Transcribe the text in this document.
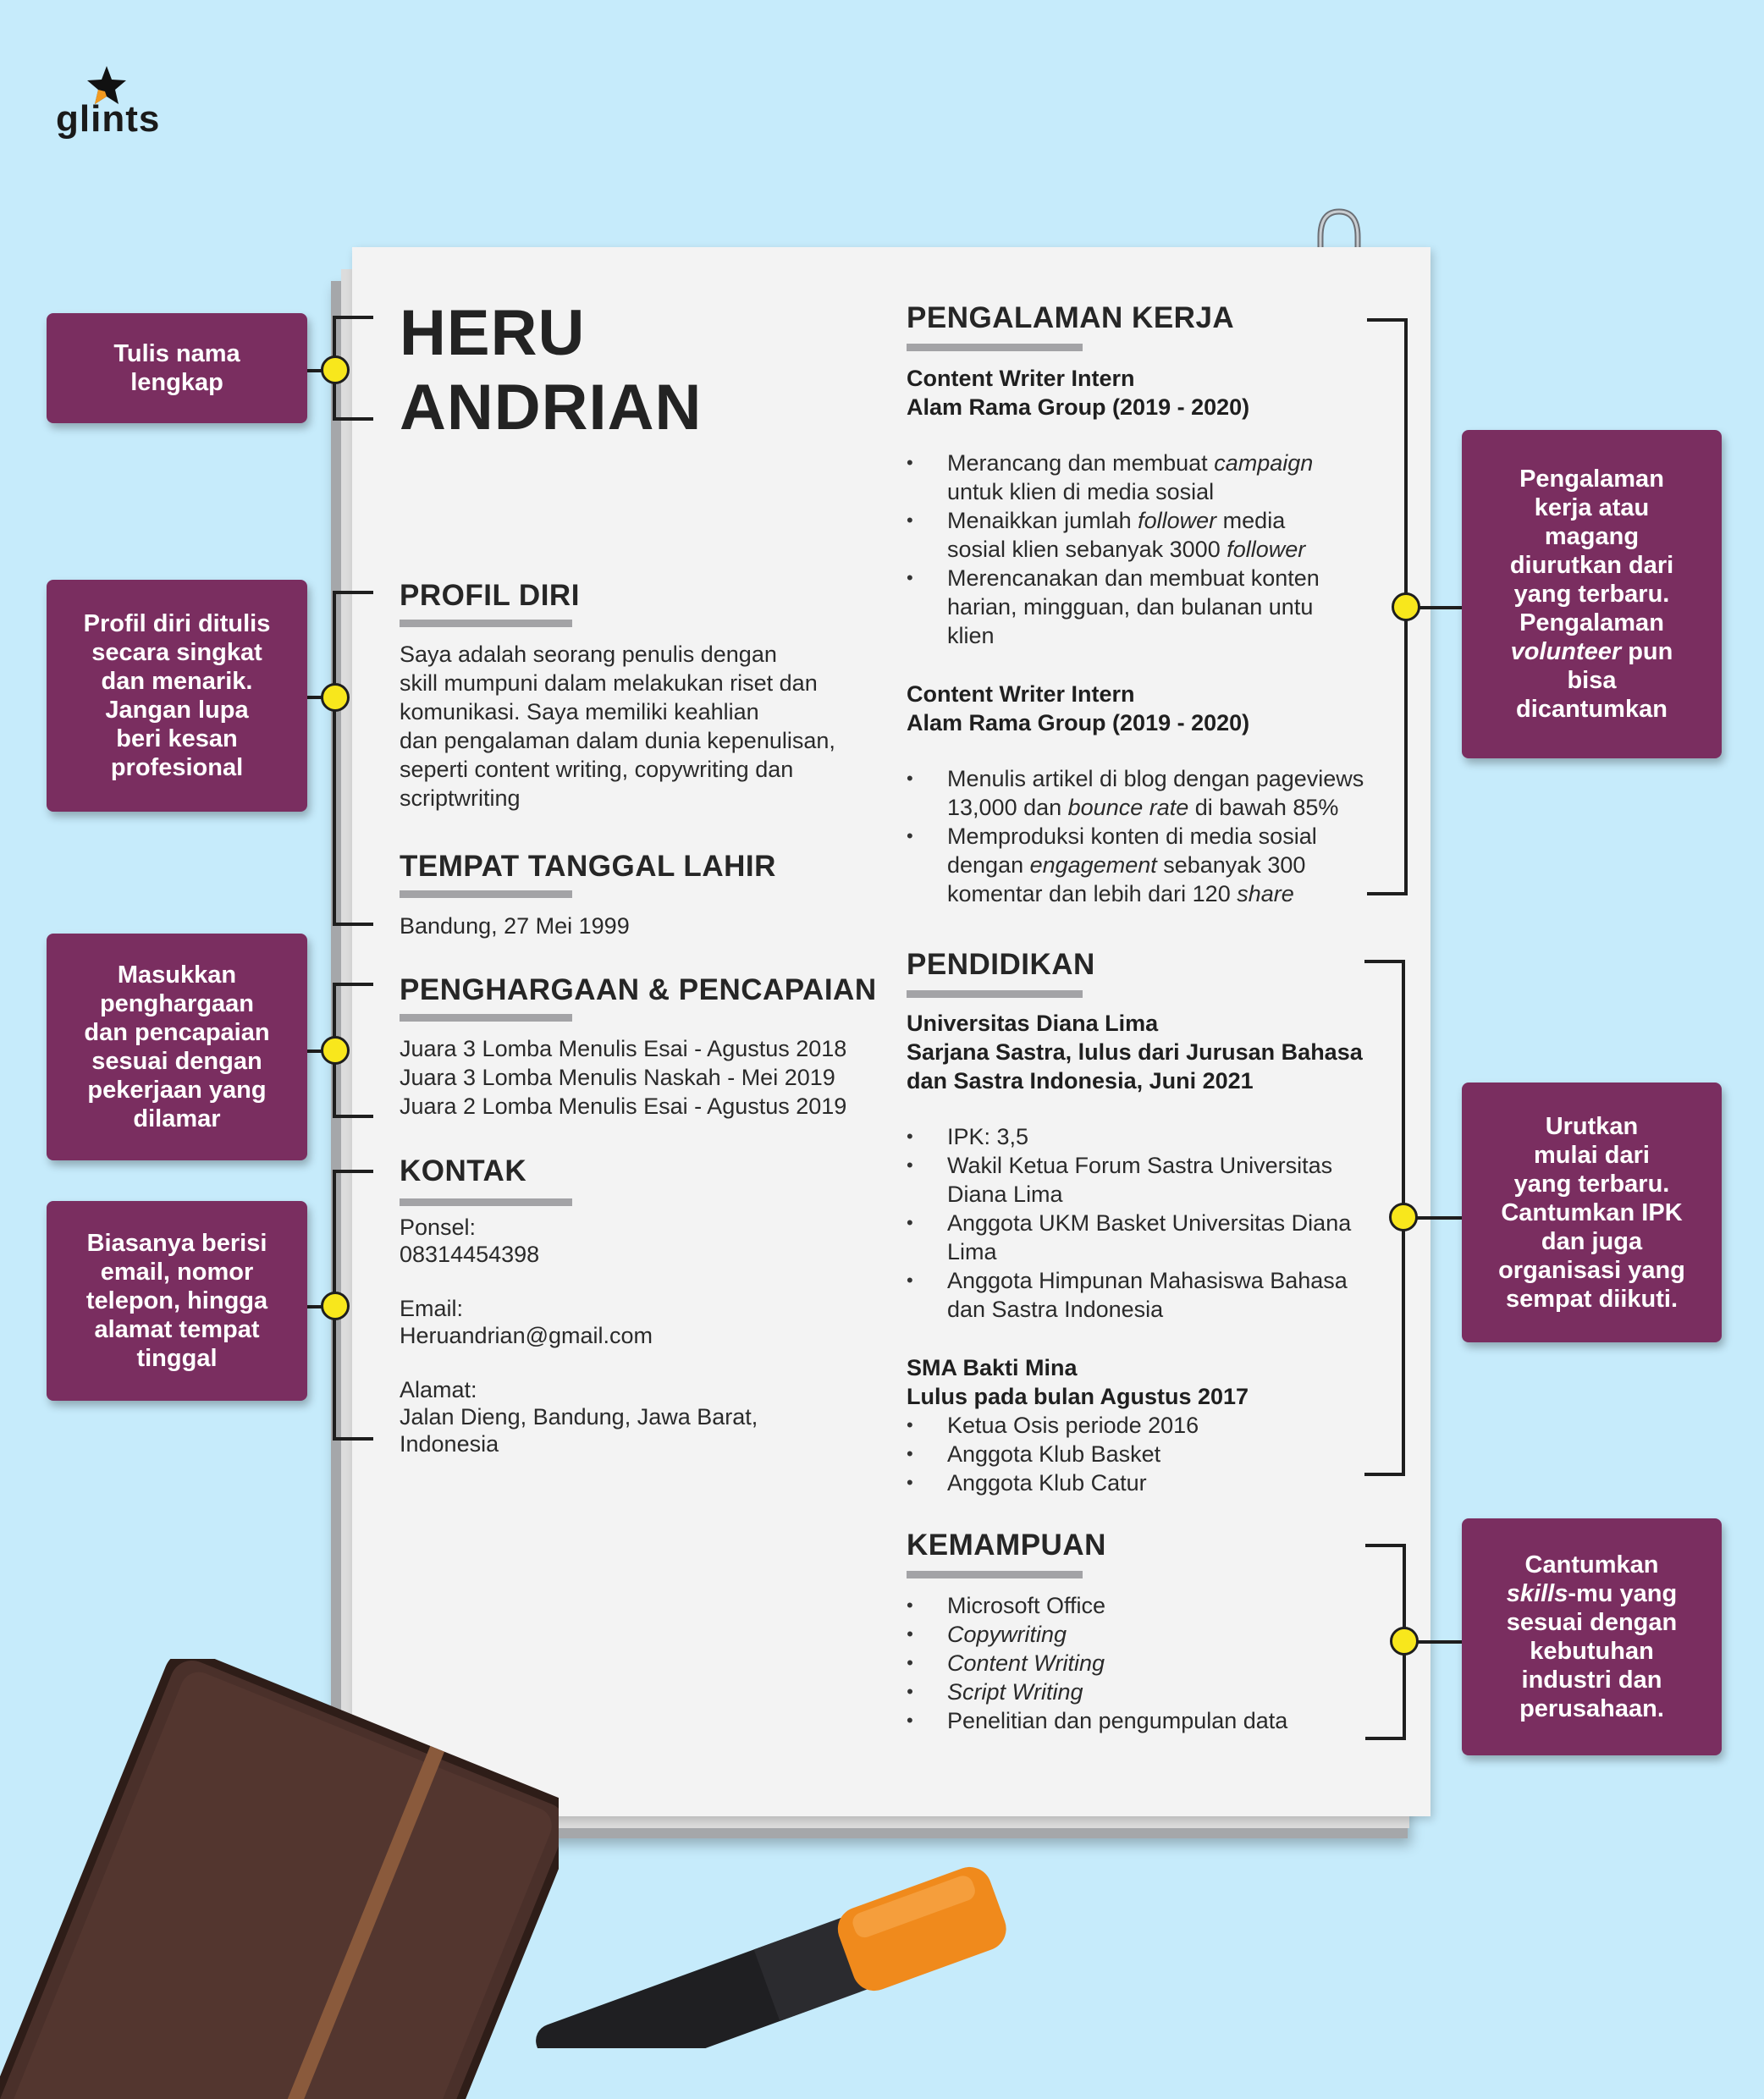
glints
HERU
ANDRIAN
PROFIL DIRI
Saya adalah seorang penulis dengan
skill mumpuni dalam melakukan riset dan
komunikasi. Saya memiliki keahlian
dan pengalaman dalam dunia kepenulisan,
seperti content writing, copywriting dan
scriptwriting
TEMPAT TANGGAL LAHIR
Bandung, 27 Mei 1999
PENGHARGAAN & PENCAPAIAN
Juara 3 Lomba Menulis Esai - Agustus 2018
Juara 3 Lomba Menulis Naskah - Mei 2019
Juara 2 Lomba Menulis Esai - Agustus 2019
KONTAK
Ponsel:
08314454398
Email:
Heruandrian@gmail.com
Alamat:
Jalan Dieng, Bandung, Jawa Barat,
Indonesia
PENGALAMAN KERJA
Content Writer Intern
Alam Rama Group (2019 - 2020)
• Merancang dan membuat campaign
untuk klien di media sosial
• Menaikkan jumlah follower media
sosial klien sebanyak 3000 follower
• Merencanakan dan membuat konten
harian, mingguan, dan bulanan untu
klien
Content Writer Intern
Alam Rama Group (2019 - 2020)
• Menulis artikel di blog dengan pageviews
13,000 dan bounce rate di bawah 85%
• Memproduksi konten di media sosial
dengan engagement sebanyak 300
komentar dan lebih dari 120 share
PENDIDIKAN
Universitas Diana Lima
Sarjana Sastra, lulus dari Jurusan Bahasa
dan Sastra Indonesia, Juni 2021
• IPK: 3,5
• Wakil Ketua Forum Sastra Universitas
Diana Lima
• Anggota UKM Basket Universitas Diana
Lima
• Anggota Himpunan Mahasiswa Bahasa
dan Sastra Indonesia
SMA Bakti Mina
Lulus pada bulan Agustus 2017
• Ketua Osis periode 2016
• Anggota Klub Basket
• Anggota Klub Catur
KEMAMPUAN
• Microsoft Office
• Copywriting
• Content Writing
• Script Writing
• Penelitian dan pengumpulan data
Tulis nama
lengkap
Profil diri ditulis
secara singkat
dan menarik.
Jangan lupa
beri kesan
profesional
Masukkan
penghargaan
dan pencapaian
sesuai dengan
pekerjaan yang
dilamar
Biasanya berisi
email, nomor
telepon, hingga
alamat tempat
tinggal
Pengalaman
kerja atau
magang
diurutkan dari
yang terbaru.
Pengalaman
volunteer pun
bisa
dicantumkan
Urutkan
mulai dari
yang terbaru.
Cantumkan IPK
dan juga
organisasi yang
sempat diikuti.
Cantumkan
skills-mu yang
sesuai dengan
kebutuhan
industri dan
perusahaan.
